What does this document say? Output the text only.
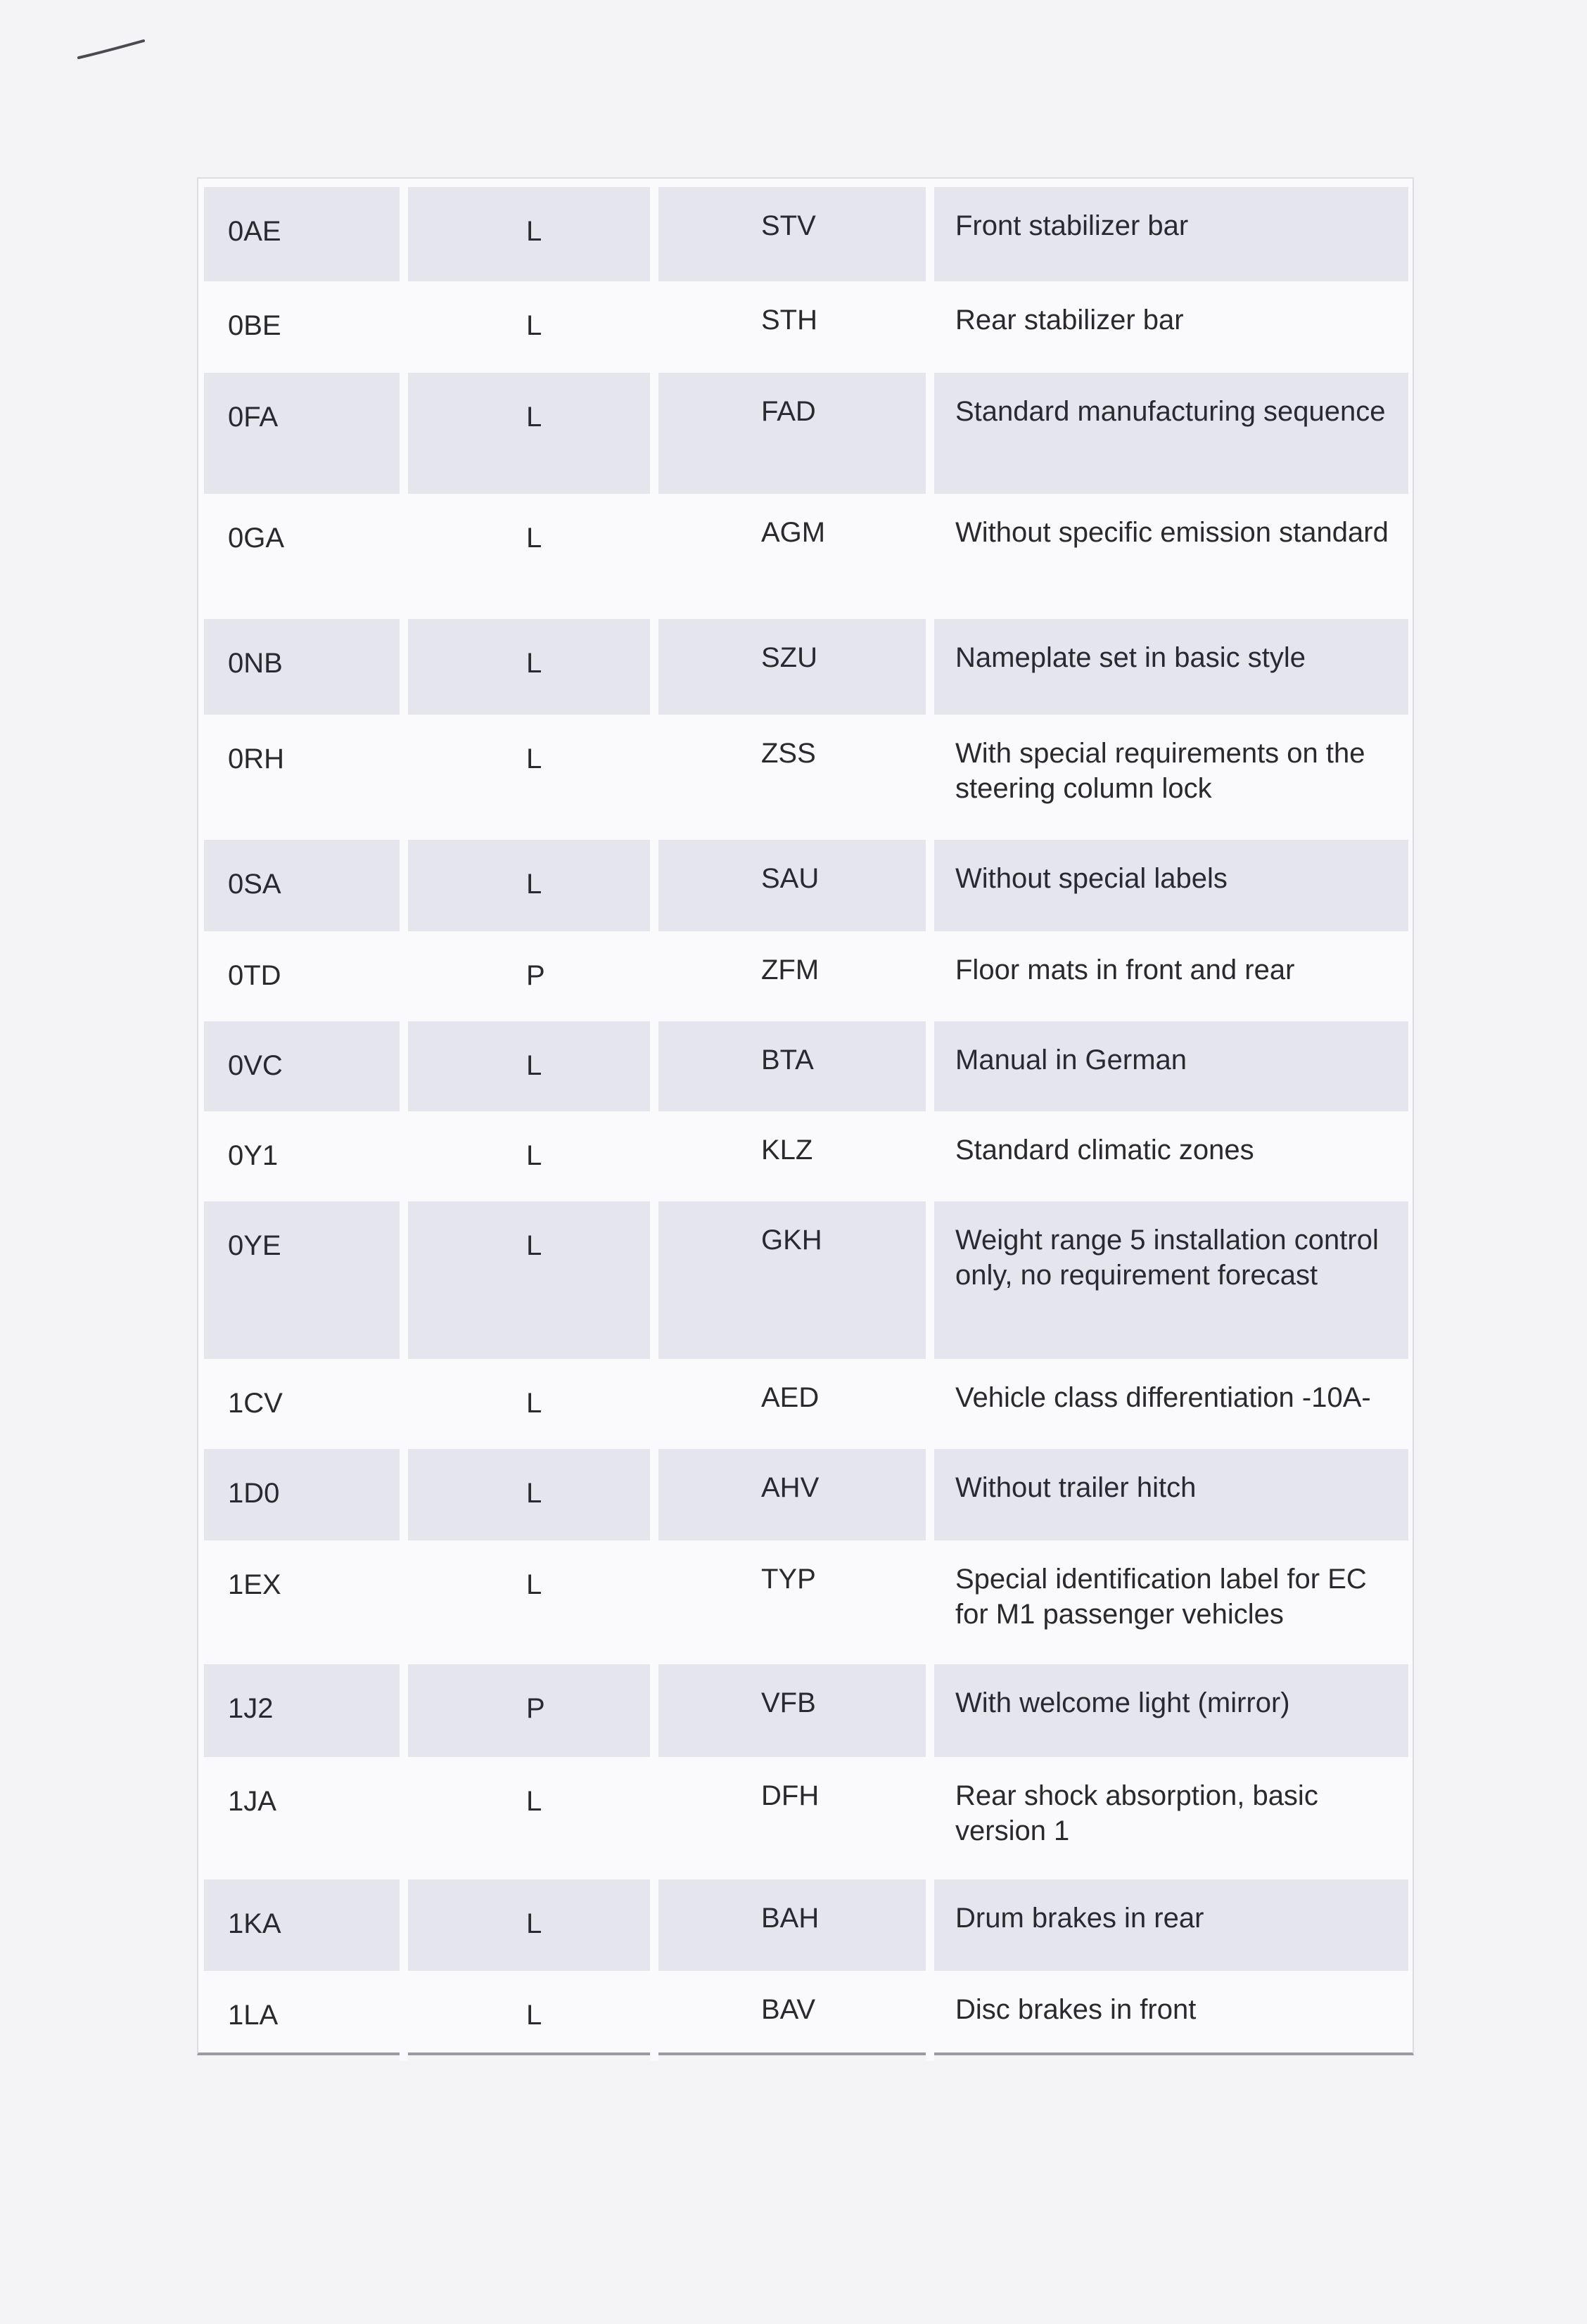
0AE	L	STV	Front stabilizer bar
0BE	L	STH	Rear stabilizer bar
0FA	L	FAD	Standard manufacturing sequence
0GA	L	AGM	Without specific emission standard
0NB	L	SZU	Nameplate set in basic style
0RH	L	ZSS	With special requirements on the steering column lock
0SA	L	SAU	Without special labels
0TD	P	ZFM	Floor mats in front and rear
0VC	L	BTA	Manual in German
0Y1	L	KLZ	Standard climatic zones
0YE	L	GKH	Weight range 5 installation control only, no requirement forecast
1CV	L	AED	Vehicle class differentiation -10A-
1D0	L	AHV	Without trailer hitch
1EX	L	TYP	Special identification label for EC for M1 passenger vehicles
1J2	P	VFB	With welcome light (mirror)
1JA	L	DFH	Rear shock absorption, basic version 1
1KA	L	BAH	Drum brakes in rear
1LA	L	BAV	Disc brakes in front
